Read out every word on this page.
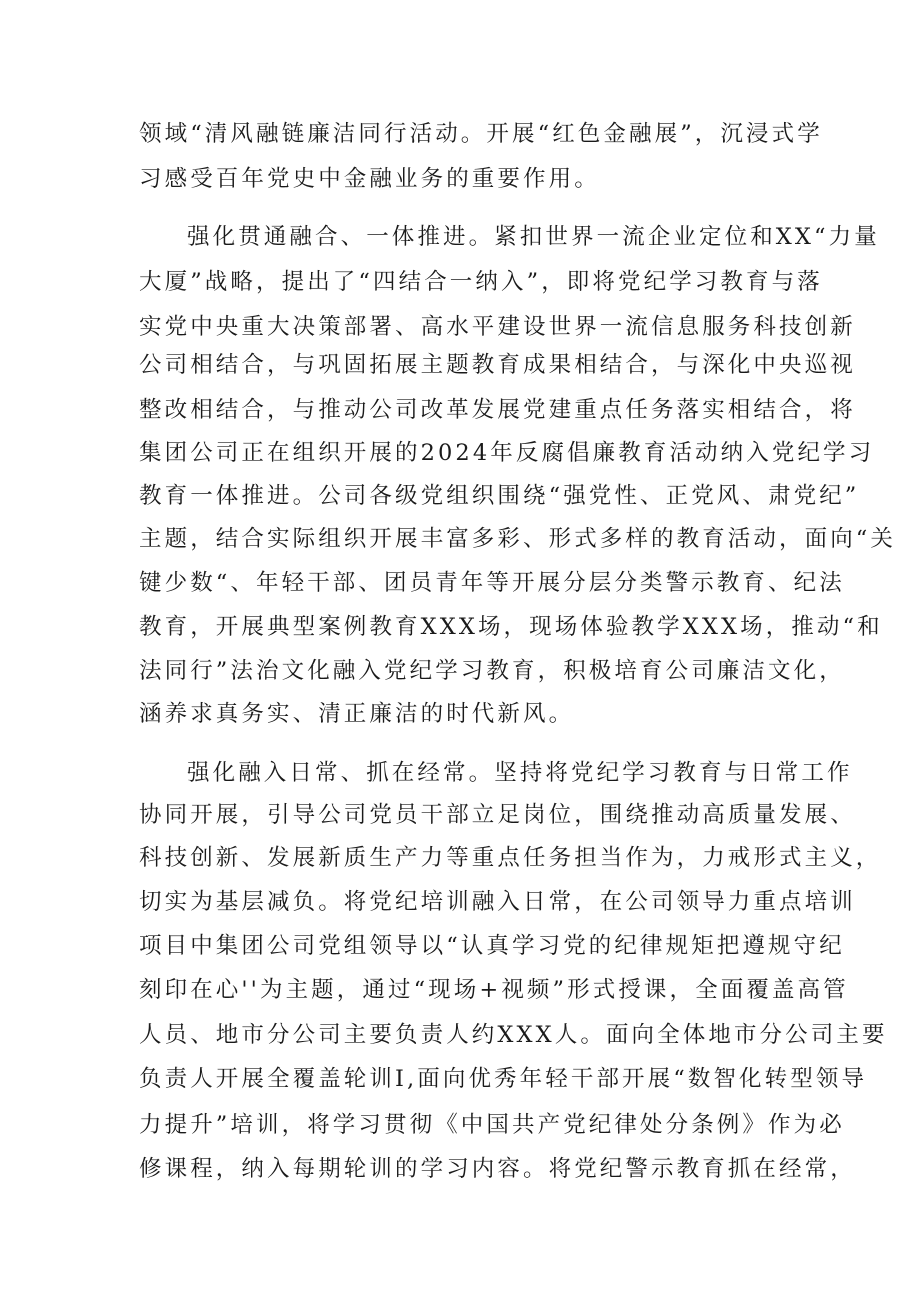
领域“清风融链廉洁同行活动。开展“红色金融展”，沉浸式学
习感受百年党史中金融业务的重要作用。
强化贯通融合、一体推进。紧扣世界一流企业定位和XX“力量
大厦”战略，提出了“四结合一纳入”，即将党纪学习教育与落
实党中央重大决策部署、高水平建设世界一流信息服务科技创新
公司相结合，与巩固拓展主题教育成果相结合，与深化中央巡视
整改相结合，与推动公司改革发展党建重点任务落实相结合，将
集团公司正在组织开展的2024年反腐倡廉教育活动纳入党纪学习
教育一体推进。公司各级党组织围绕“强党性、正党风、肃党纪”
主题，结合实际组织开展丰富多彩、形式多样的教育活动，面向“关
键少数“、年轻干部、团员青年等开展分层分类警示教育、纪法
教育，开展典型案例教育XXX场，现场体验教学XXX场，推动“和
法同行”法治文化融入党纪学习教育，积极培育公司廉洁文化，
涵养求真务实、清正廉洁的时代新风。
强化融入日常、抓在经常。坚持将党纪学习教育与日常工作
协同开展，引导公司党员干部立足岗位，围绕推动高质量发展、
科技创新、发展新质生产力等重点任务担当作为，力戒形式主义，
切实为基层减负。将党纪培训融入日常，在公司领导力重点培训
项目中集团公司党组领导以“认真学习党的纪律规矩把遵规守纪
刻印在心''为主题，通过“现场+视频”形式授课，全面覆盖高管
人员、地市分公司主要负责人约XXX人。面向全体地市分公司主要
负责人开展全覆盖轮训I,面向优秀年轻干部开展“数智化转型领导
力提升”培训，将学习贯彻《中国共产党纪律处分条例》作为必
修课程，纳入每期轮训的学习内容。将党纪警示教育抓在经常，
